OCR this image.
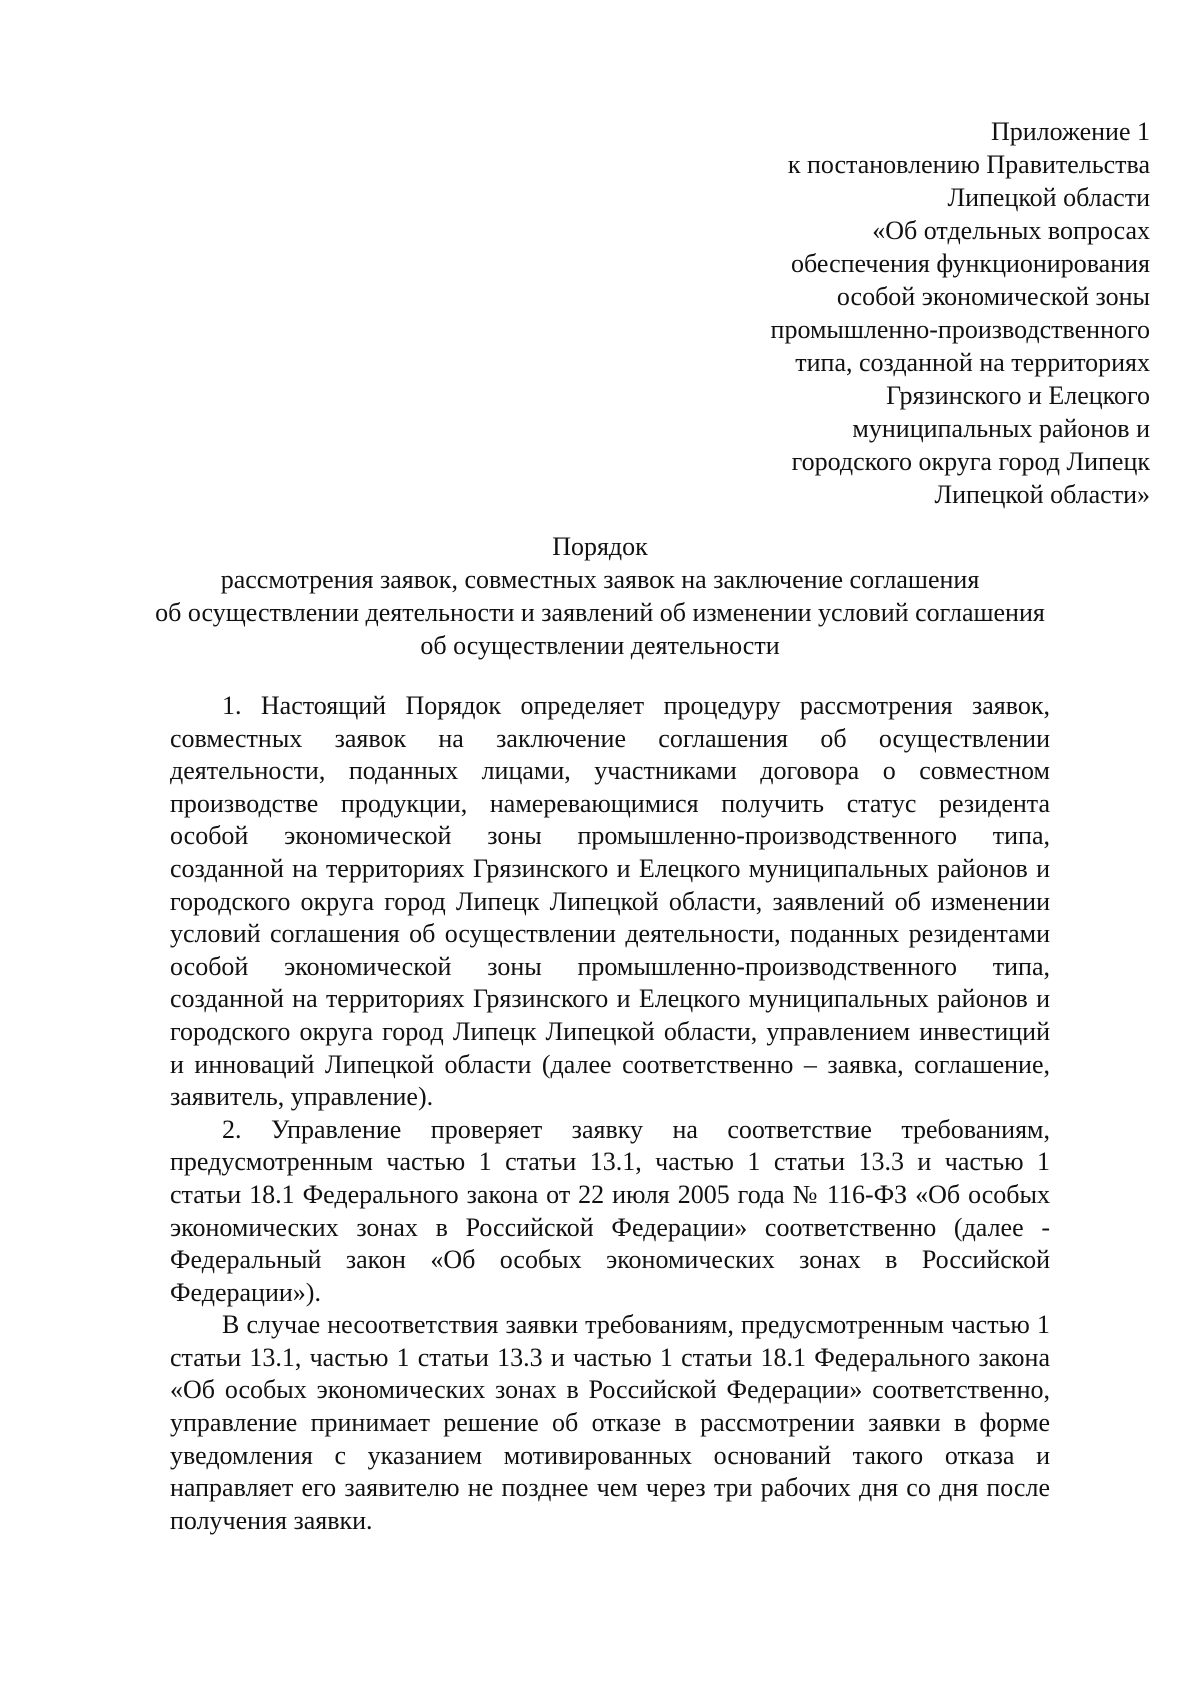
Приложение 1
к постановлению Правительства
Липецкой области
«Об отдельных вопросах
обеспечения функционирования
особой экономической зоны
промышленно-производственного
типа, созданной на территориях
Грязинского и Елецкого
муниципальных районов и
городского округа город Липецк
Липецкой области»
Порядок
рассмотрения заявок, совместных заявок на заключение соглашения
об осуществлении деятельности и заявлений об изменении условий соглашения
об осуществлении деятельности

1. Настоящий Порядок определяет процедуру рассмотрения заявок, совместных заявок на заключение соглашения об осуществлении деятельности, поданных лицами, участниками договора о совместном производстве продукции, намеревающимися получить статус резидента особой экономической зоны промышленно-производственного типа, созданной на территориях Грязинского и Елецкого муниципальных районов и городского округа город Липецк Липецкой области, заявлений об изменении условий соглашения об осуществлении деятельности, поданных резидентами особой экономической зоны промышленно-производственного типа, созданной на территориях Грязинского и Елецкого муниципальных районов и городского округа город Липецк Липецкой области, управлением инвестиций и инноваций Липецкой области (далее соответственно – заявка, соглашение, заявитель, управление).

2. Управление проверяет заявку на соответствие требованиям, предусмотренным частью 1 статьи 13.1, частью 1 статьи 13.3 и частью 1 статьи 18.1 Федерального закона от 22 июля 2005 года № 116-ФЗ «Об особых экономических зонах в Российской Федерации» соответственно (далее - Федеральный закон «Об особых экономических зонах в Российской Федерации»).

В случае несоответствия заявки требованиям, предусмотренным частью 1 статьи 13.1, частью 1 статьи 13.3 и частью 1 статьи 18.1 Федерального закона «Об особых экономических зонах в Российской Федерации» соответственно, управление принимает решение об отказе в рассмотрении заявки в форме уведомления с указанием мотивированных оснований такого отказа и направляет его заявителю не позднее чем через три рабочих дня со дня после получения заявки.
